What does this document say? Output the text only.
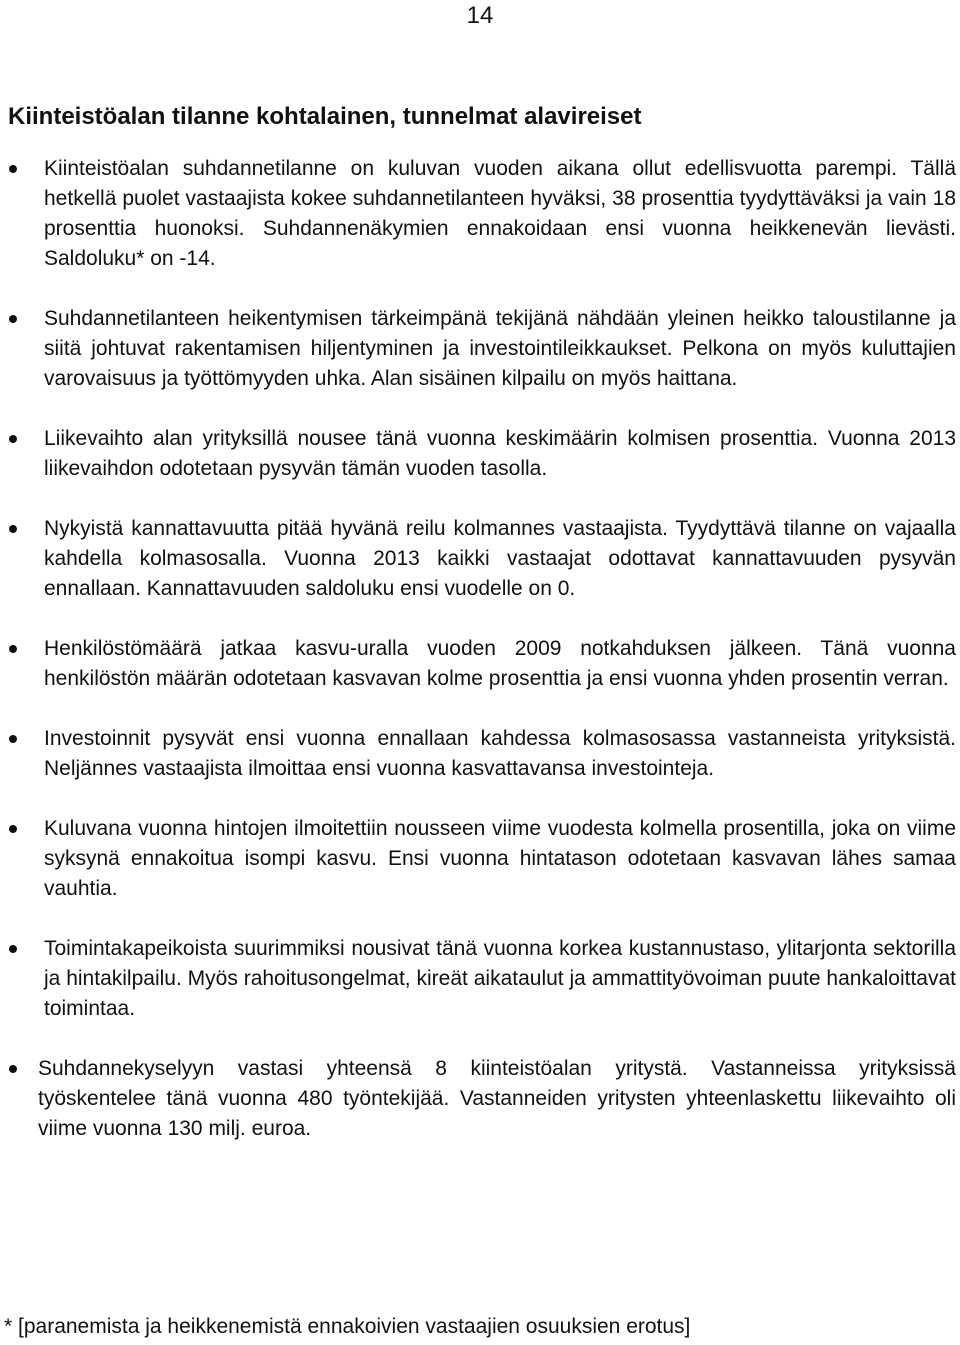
14
Kiinteistöalan tilanne kohtalainen, tunnelmat alavireiset
Kiinteistöalan suhdannetilanne on kuluvan vuoden aikana ollut edellisvuotta parempi. Tällä hetkellä puolet vastaajista kokee suhdannetilanteen hyväksi, 38 prosenttia tyydyttäväksi ja vain 18 prosenttia huonoksi. Suhdannenäkymien ennakoidaan ensi vuonna heikkenevän lievästi. Saldoluku* on -14.
Suhdannetilanteen heikentymisen tärkeimpänä tekijänä nähdään yleinen heikko taloustilanne ja siitä johtuvat rakentamisen hiljentyminen ja investointileikkaukset. Pelkona on myös kuluttajien varovaisuus ja työttömyyden uhka. Alan sisäinen kilpailu on myös haittana.
Liikevaihto alan yrityksillä nousee tänä vuonna keskimäärin kolmisen prosenttia. Vuonna 2013 liikevaihdon odotetaan pysyvän tämän vuoden tasolla.
Nykyistä kannattavuutta pitää hyvänä reilu kolmannes vastaajista. Tyydyttävä tilanne on vajaalla kahdella kolmasosalla. Vuonna 2013 kaikki vastaajat odottavat kannattavuuden pysyvän ennallaan. Kannattavuuden saldoluku ensi vuodelle on 0.
Henkilöstömäärä jatkaa kasvu-uralla vuoden 2009 notkahduksen jälkeen. Tänä vuonna henkilöstön määrän odotetaan kasvavan kolme prosenttia ja ensi vuonna yhden prosentin verran.
Investoinnit pysyvät ensi vuonna ennallaan kahdessa kolmasosassa vastanneista yrityksistä. Neljännes vastaajista ilmoittaa ensi vuonna kasvattavansa investointeja.
Kuluvana vuonna hintojen ilmoitettiin nousseen viime vuodesta kolmella prosentilla, joka on viime syksynä ennakoitua isompi kasvu. Ensi vuonna hintatason odotetaan kasvavan lähes samaa vauhtia.
Toimintakapeikoista suurimmiksi nousivat tänä vuonna korkea kustannustaso, ylitarjonta sektorilla ja hintakilpailu. Myös rahoitusongelmat, kireät aikataulut ja ammattityövoiman puute hankaloittavat toimintaa.
Suhdannekyselyyn vastasi yhteensä 8 kiinteistöalan yritystä. Vastanneissa yrityksissä työskentelee tänä vuonna 480 työntekijää. Vastanneiden yritysten yhteenlaskettu liikevaihto oli viime vuonna 130 milj. euroa.

* [paranemista ja heikkenemistä ennakoivien vastaajien osuuksien erotus]
